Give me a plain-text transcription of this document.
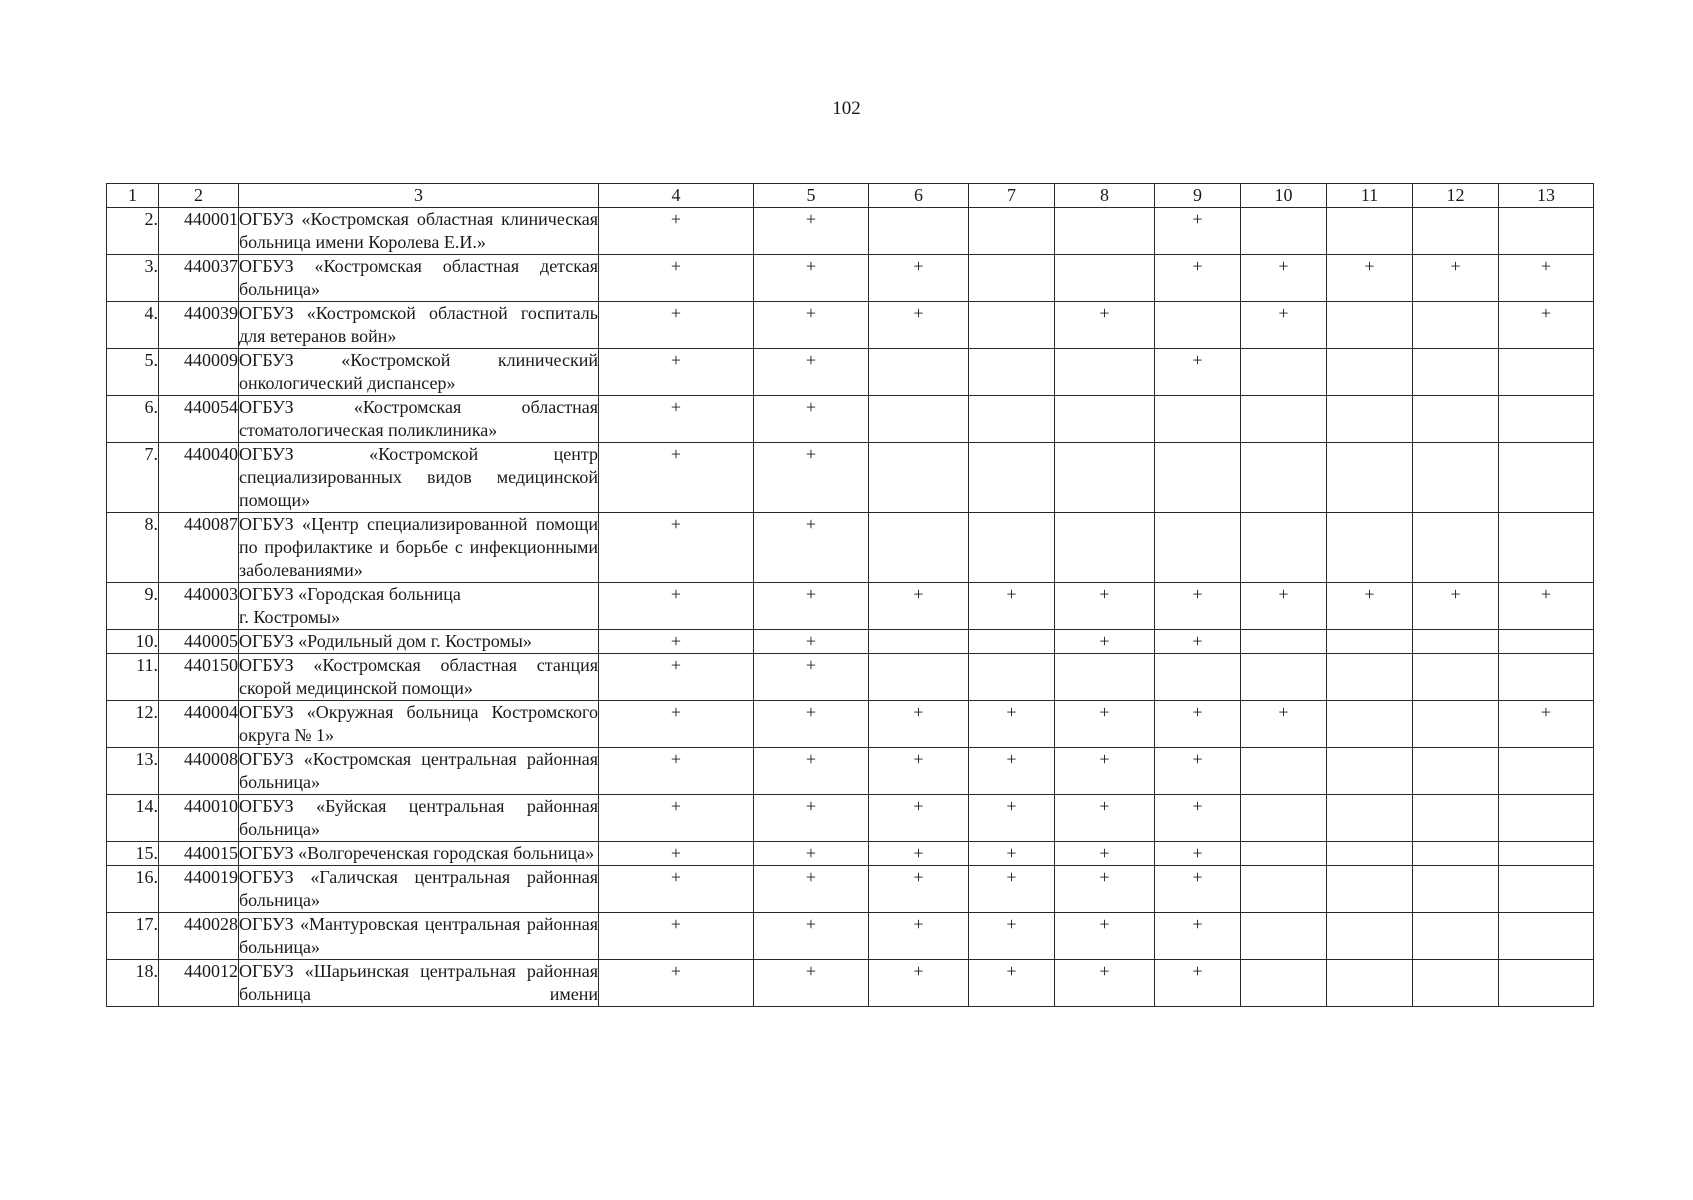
102
1	2	3	4	5	6	7	8	9	10	11	12	13
2.	440001	ОГБУЗ «Костромская областная клиническая больница имени Королева Е.И.»	+	+				+				
3.	440037	ОГБУЗ «Костромская областная детская больница»	+	+	+			+	+	+	+	+
4.	440039	ОГБУЗ «Костромской областной госпиталь для ветеранов войн»	+	+	+		+		+			+
5.	440009	ОГБУЗ «Костромской клинический онкологический диспансер»	+	+				+				
6.	440054	ОГБУЗ «Костромская областная стоматологическая поликлиника»	+	+								
7.	440040	ОГБУЗ «Костромской центр специализированных видов медицинской помощи»	+	+								
8.	440087	ОГБУЗ «Центр специализированной помощи по профилактике и борьбе с инфекционными заболеваниями»	+	+								
9.	440003	ОГБУЗ «Городская больница
г. Костромы»	+	+	+	+	+	+	+	+	+	+
10.	440005	ОГБУЗ «Родильный дом г. Костромы»	+	+			+	+				
11.	440150	ОГБУЗ «Костромская областная станция скорой медицинской помощи»	+	+								
12.	440004	ОГБУЗ «Окружная больница Костромского округа № 1»	+	+	+	+	+	+	+			+
13.	440008	ОГБУЗ «Костромская центральная районная больница»	+	+	+	+	+	+				
14.	440010	ОГБУЗ «Буйская центральная районная больница»	+	+	+	+	+	+				
15.	440015	ОГБУЗ «Волгореченская городская больница»	+	+	+	+	+	+				
16.	440019	ОГБУЗ «Галичская центральная районная больница»	+	+	+	+	+	+				
17.	440028	ОГБУЗ «Мантуровская центральная районная больница»	+	+	+	+	+	+				
18.	440012	ОГБУЗ «Шарьинская центральная районная больница имени	+	+	+	+	+	+				
